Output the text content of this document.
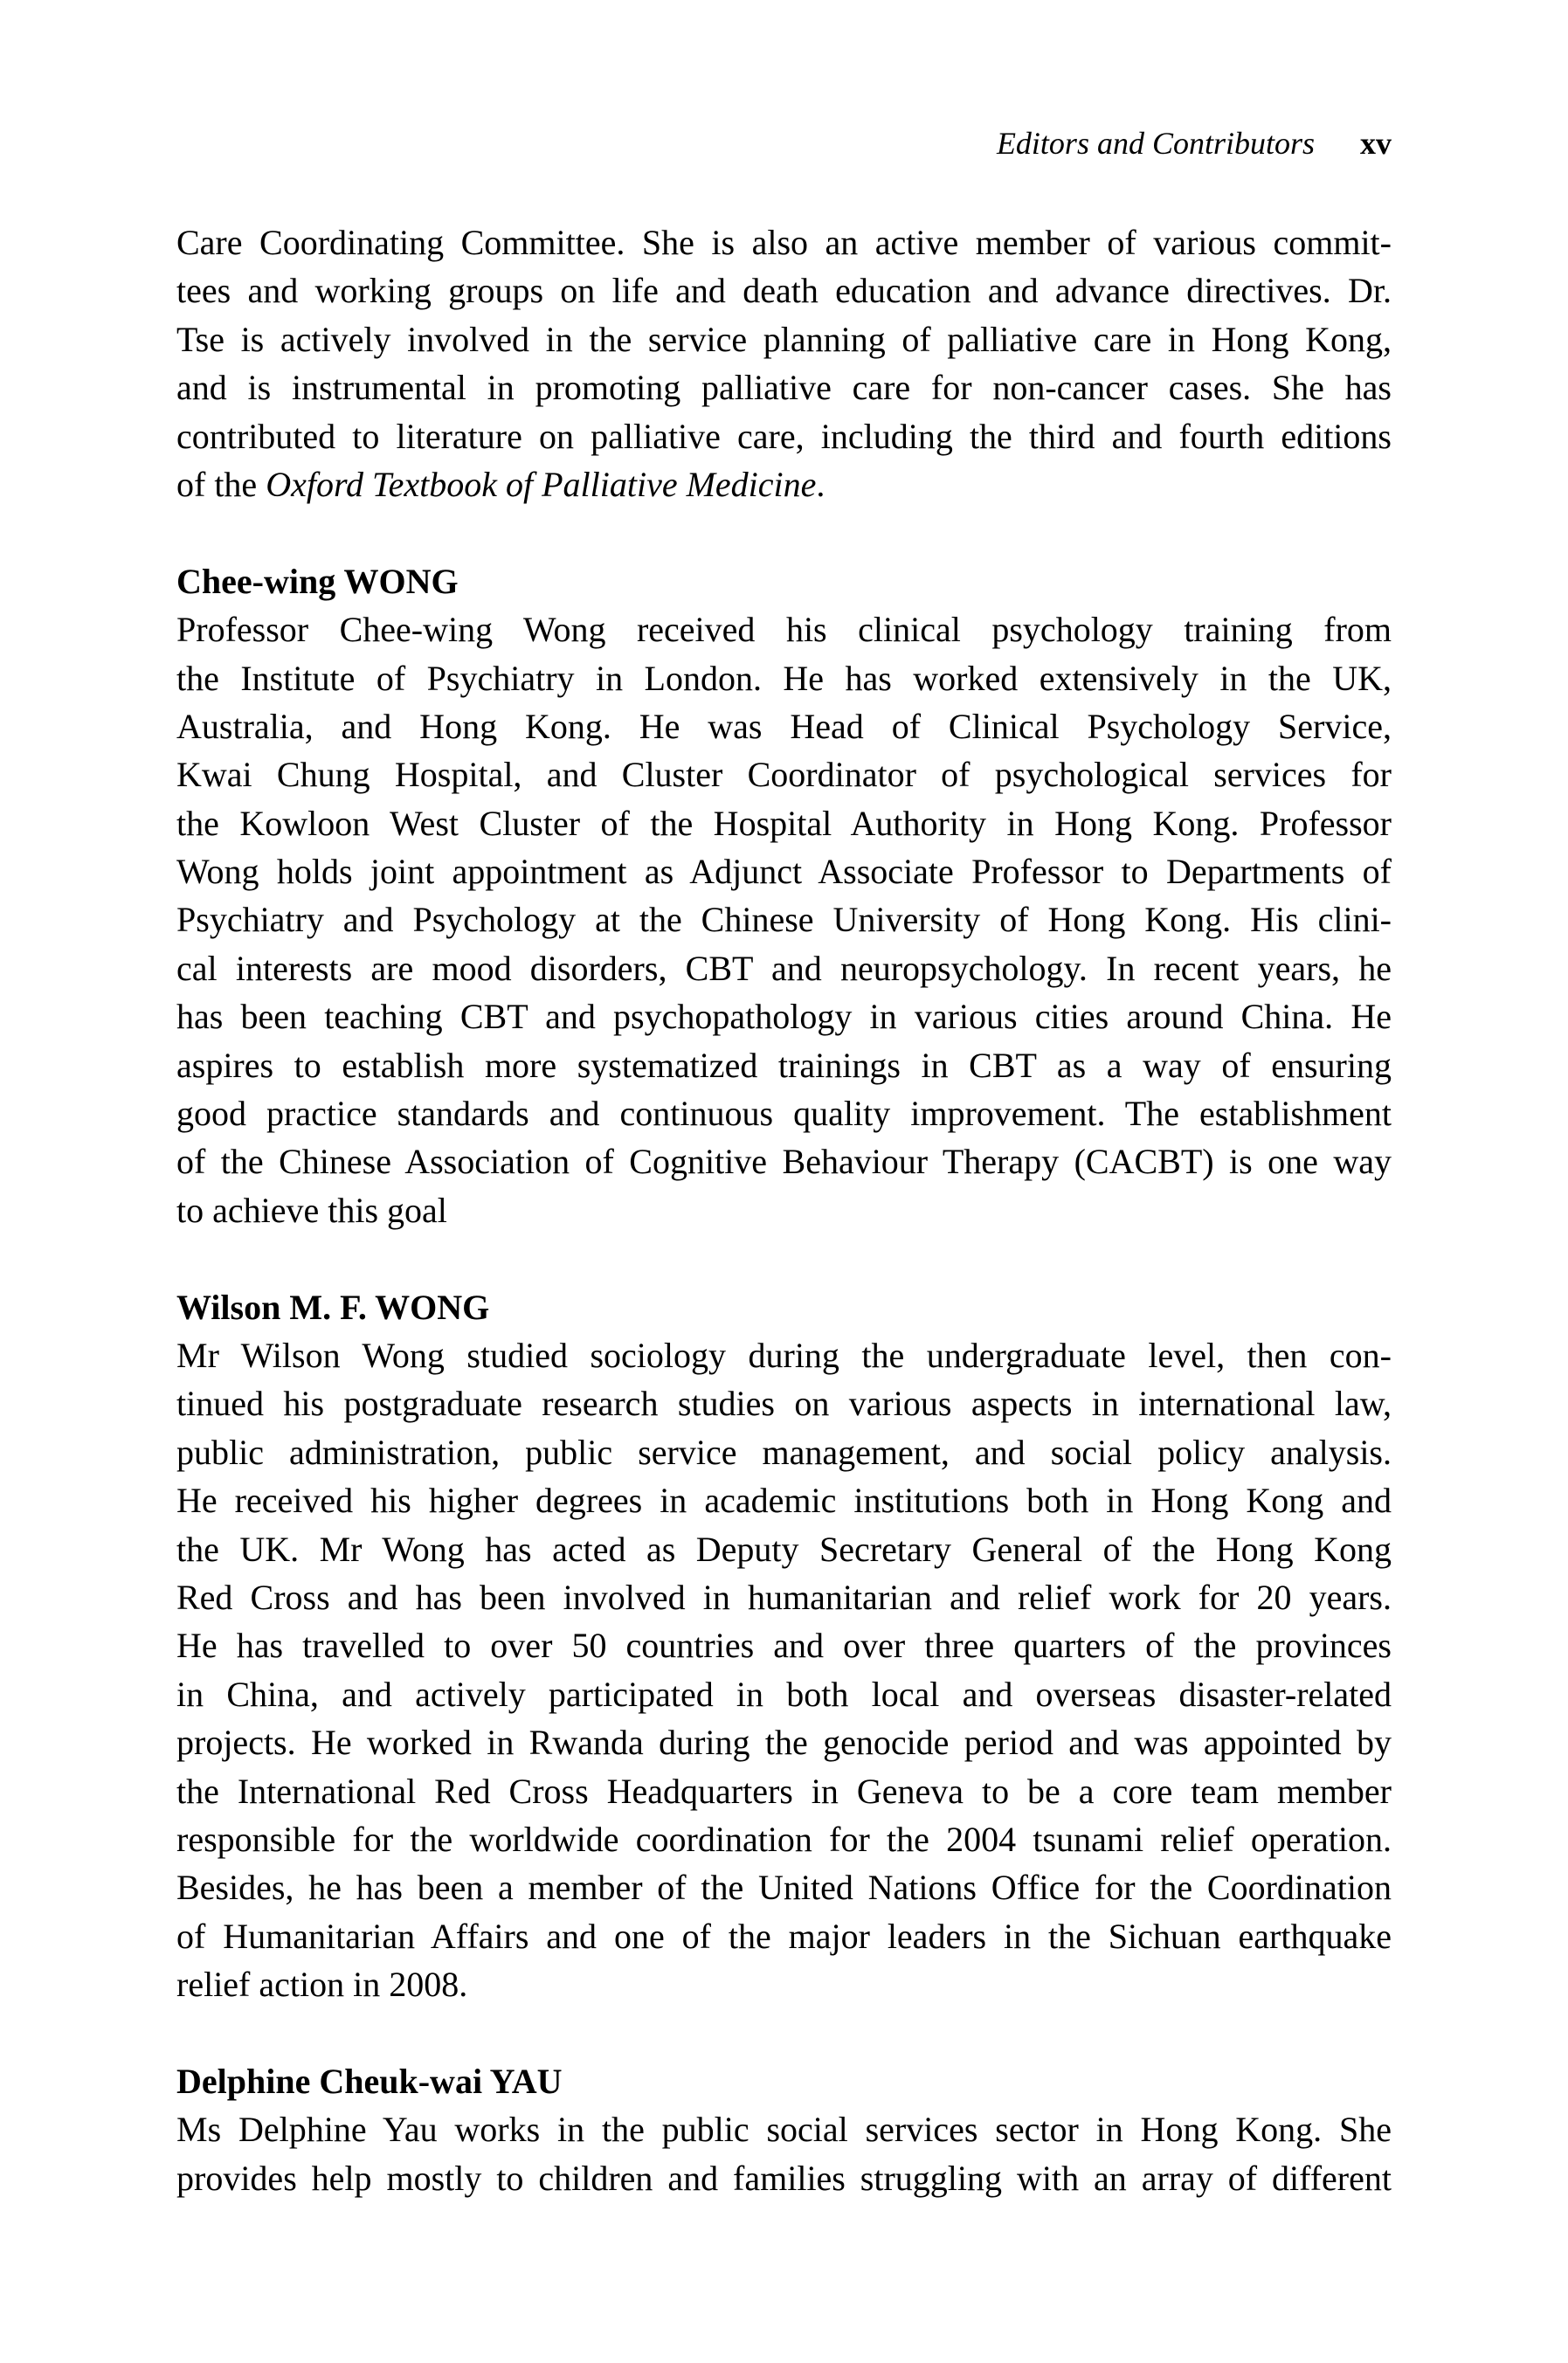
Editors and Contributors xv
Care Coordinating Committee. She is also an active member of various commit-
tees and working groups on life and death education and advance directives. Dr.
Tse is actively involved in the service planning of palliative care in Hong Kong,
and is instrumental in promoting palliative care for non-cancer cases. She has
contributed to literature on palliative care, including the third and fourth editions
of the Oxford Textbook of Palliative Medicine.
Chee-wing WONG
Professor Chee-wing Wong received his clinical psychology training from
the Institute of Psychiatry in London. He has worked extensively in the UK,
Australia, and Hong Kong. He was Head of Clinical Psychology Service,
Kwai Chung Hospital, and Cluster Coordinator of psychological services for
the Kowloon West Cluster of the Hospital Authority in Hong Kong. Professor
Wong holds joint appointment as Adjunct Associate Professor to Departments of
Psychiatry and Psychology at the Chinese University of Hong Kong. His clini-
cal interests are mood disorders, CBT and neuropsychology. In recent years, he
has been teaching CBT and psychopathology in various cities around China. He
aspires to establish more systematized trainings in CBT as a way of ensuring
good practice standards and continuous quality improvement. The establishment
of the Chinese Association of Cognitive Behaviour Therapy (CACBT) is one way
to achieve this goal
Wilson M. F. WONG
Mr Wilson Wong studied sociology during the undergraduate level, then con-
tinued his postgraduate research studies on various aspects in international law,
public administration, public service management, and social policy analysis.
He received his higher degrees in academic institutions both in Hong Kong and
the UK. Mr Wong has acted as Deputy Secretary General of the Hong Kong
Red Cross and has been involved in humanitarian and relief work for 20 years.
He has travelled to over 50 countries and over three quarters of the provinces
in China, and actively participated in both local and overseas disaster-related
projects. He worked in Rwanda during the genocide period and was appointed by
the International Red Cross Headquarters in Geneva to be a core team member
responsible for the worldwide coordination for the 2004 tsunami relief operation.
Besides, he has been a member of the United Nations Office for the Coordination
of Humanitarian Affairs and one of the major leaders in the Sichuan earthquake
relief action in 2008.
Delphine Cheuk-wai YAU
Ms Delphine Yau works in the public social services sector in Hong Kong. She
provides help mostly to children and families struggling with an array of different
